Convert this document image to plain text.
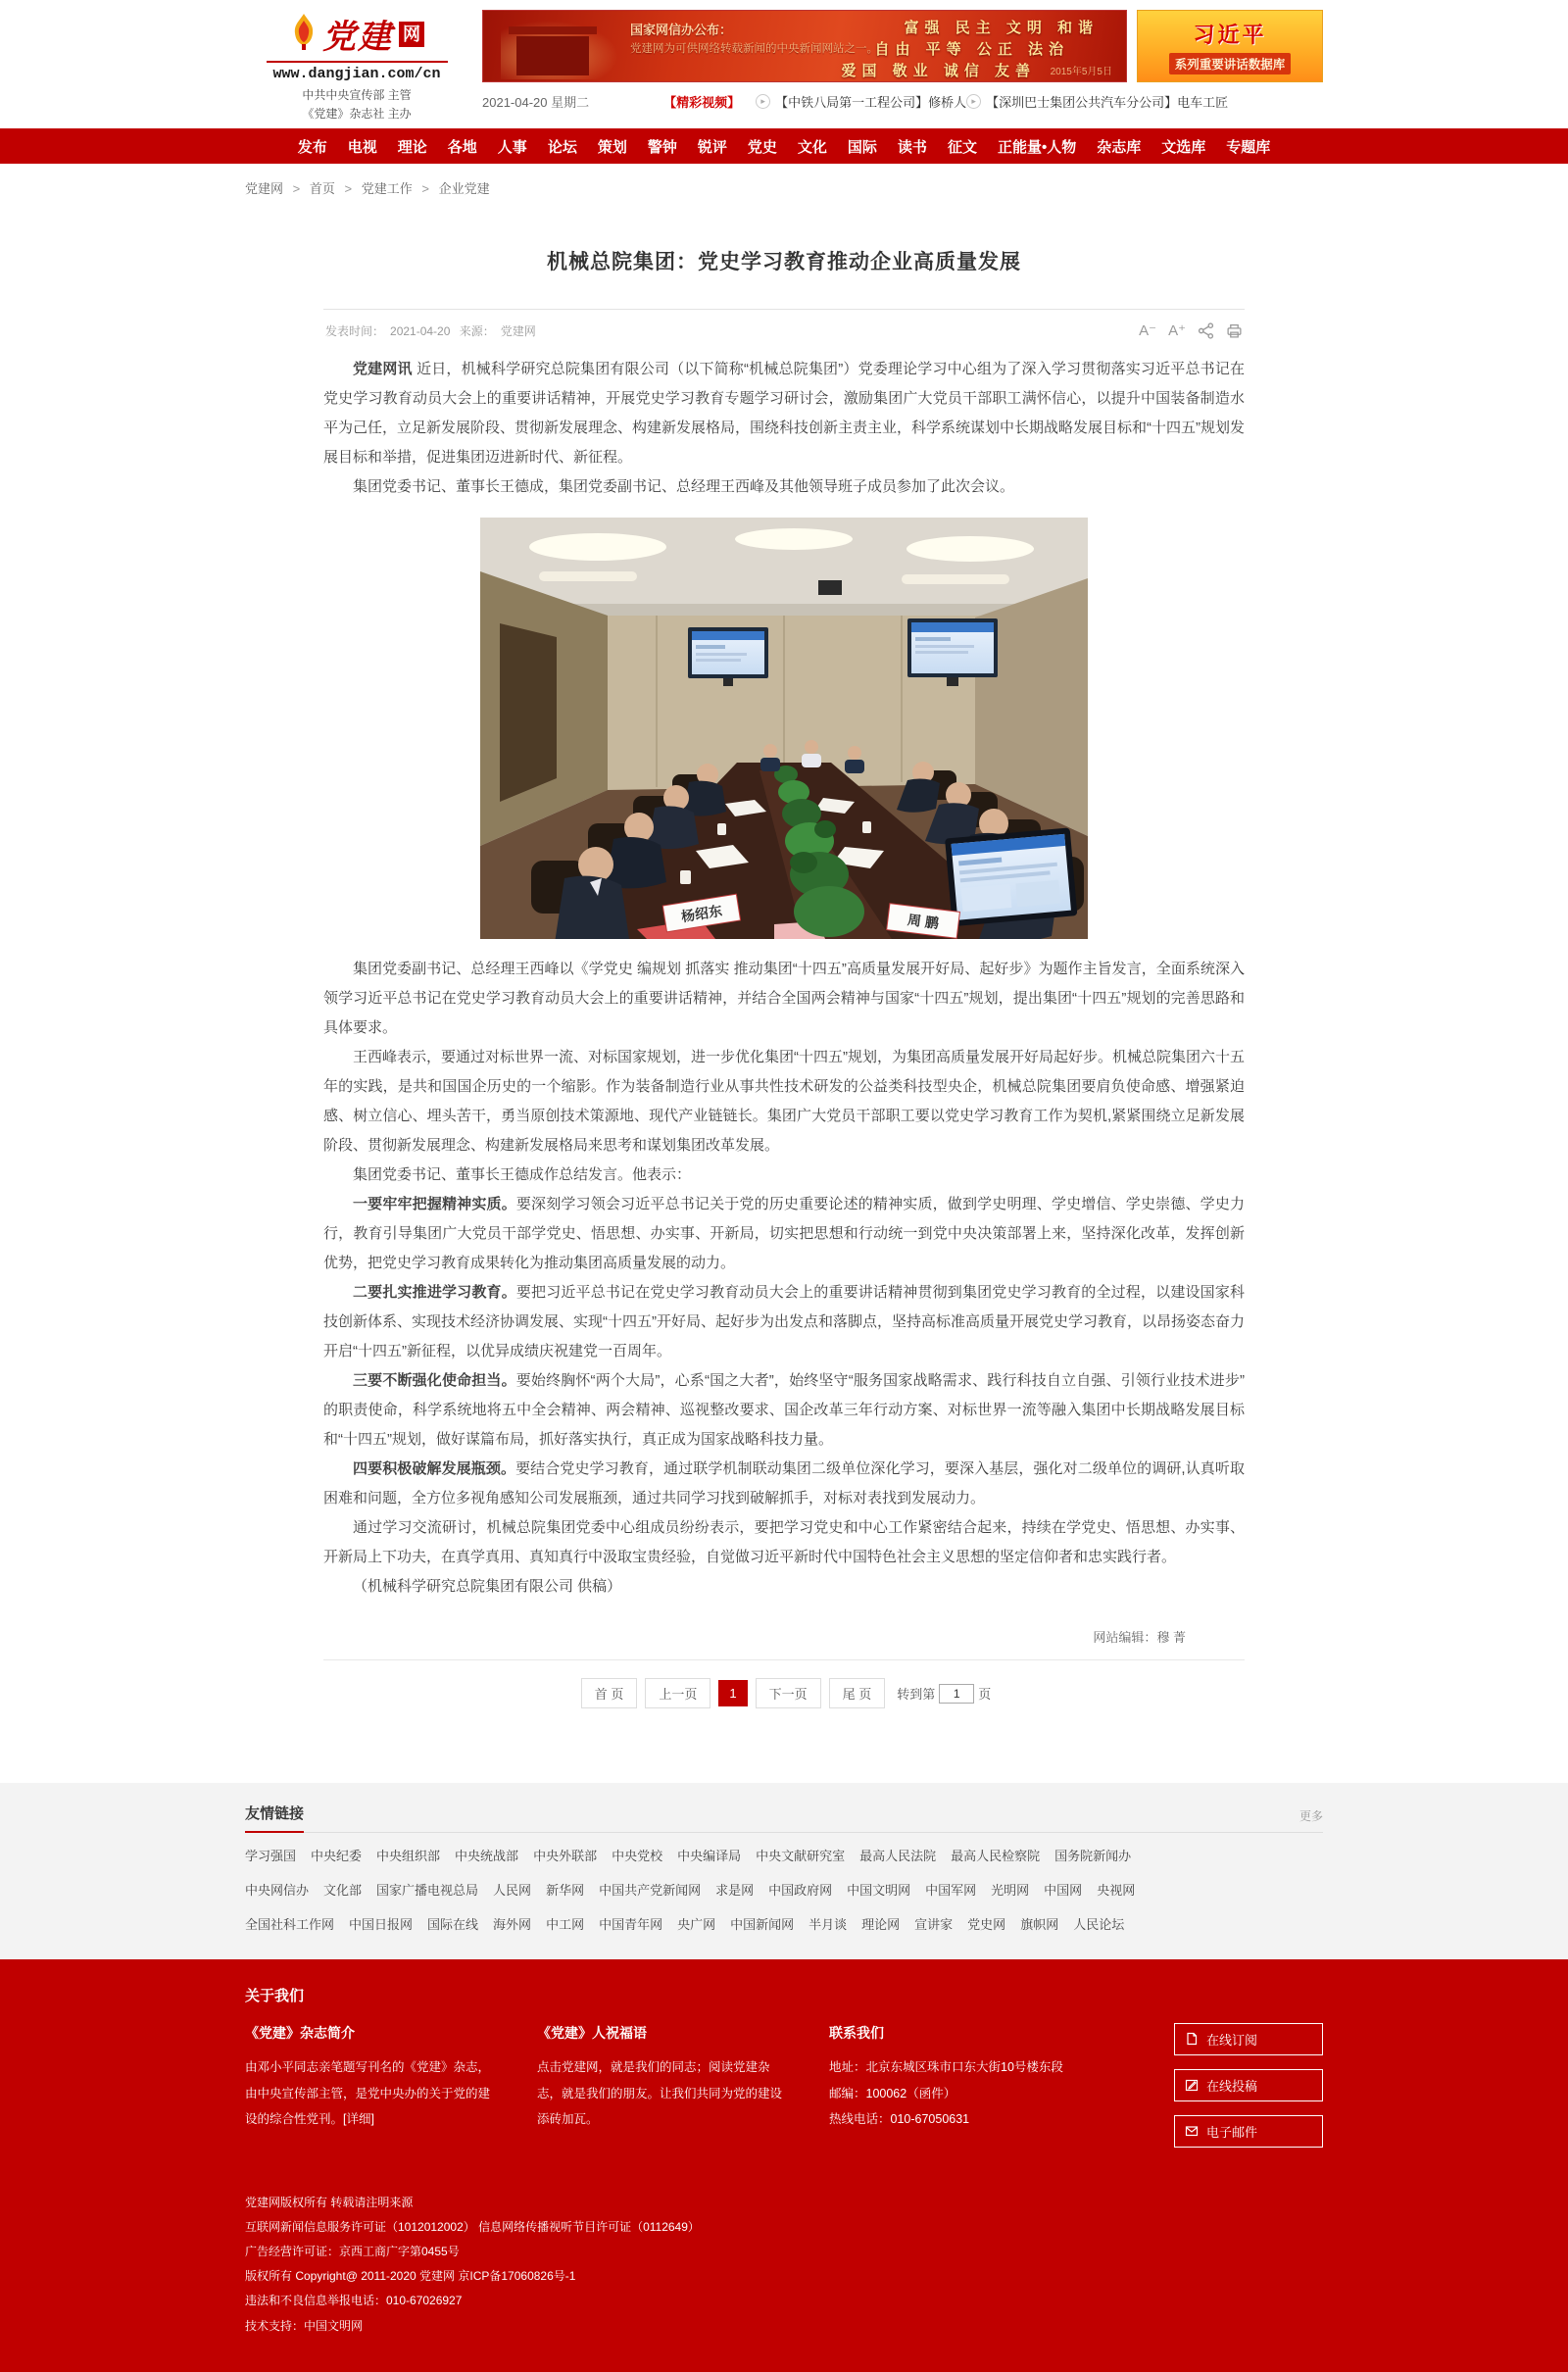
党建 网
www.dangjian.com/cn
中共中央宣传部 主管
《党建》杂志社 主办
国家网信办公布：
党建网为可供网络转载新闻的中央新闻网站之一。
富强 民主 文明 和谐
自由 平等 公正 法治
爱国 敬业 诚信 友善 2015年5月5日
习近平
系列重要讲话数据库
2021-04-20 星期二	【精彩视频】	▸ 【中铁八局第一工程公司】修桥人 ▸ 【深圳巴士集团公共汽车分公司】电车工匠
发布 电视 理论 各地 人事 论坛 策划 警钟 锐评 党史 文化 国际 读书 征文 正能量•人物 杂志库 文选库 专题库
党建网 > 首页 > 党建工作 > 企业党建
机械总院集团：党史学习教育推动企业高质量发展
发表时间： 2021-04-20 来源： 党建网	A⁻ A⁺

党建网讯 近日，机械科学研究总院集团有限公司（以下简称“机械总院集团”）党委理论学习中心组为了深入学习贯彻落实习近平总书记在党史学习教育动员大会上的重要讲话精神，开展党史学习教育专题学习研讨会，激励集团广大党员干部职工满怀信心，以提升中国装备制造水平为己任，立足新发展阶段、贯彻新发展理念、构建新发展格局，围绕科技创新主责主业，科学系统谋划中长期战略发展目标和“十四五”规划发展目标和举措，促进集团迈进新时代、新征程。

集团党委书记、董事长王德成，集团党委副书记、总经理王西峰及其他领导班子成员参加了此次会议。

杨绍东	周 鹏

集团党委副书记、总经理王西峰以《学党史 编规划 抓落实 推动集团“十四五”高质量发展开好局、起好步》为题作主旨发言，全面系统深入领学习近平总书记在党史学习教育动员大会上的重要讲话精神，并结合全国两会精神与国家“十四五”规划，提出集团“十四五”规划的完善思路和具体要求。

王西峰表示，要通过对标世界一流、对标国家规划，进一步优化集团“十四五”规划，为集团高质量发展开好局起好步。机械总院集团六十五年的实践，是共和国国企历史的一个缩影。作为装备制造行业从事共性技术研发的公益类科技型央企，机械总院集团要肩负使命感、增强紧迫感、树立信心、埋头苦干，勇当原创技术策源地、现代产业链链长。集团广大党员干部职工要以党史学习教育工作为契机,紧紧围绕立足新发展阶段、贯彻新发展理念、构建新发展格局来思考和谋划集团改革发展。

集团党委书记、董事长王德成作总结发言。他表示：

一要牢牢把握精神实质。要深刻学习领会习近平总书记关于党的历史重要论述的精神实质，做到学史明理、学史增信、学史崇德、学史力行，教育引导集团广大党员干部学党史、悟思想、办实事、开新局，切实把思想和行动统一到党中央决策部署上来，坚持深化改革，发挥创新优势，把党史学习教育成果转化为推动集团高质量发展的动力。

二要扎实推进学习教育。要把习近平总书记在党史学习教育动员大会上的重要讲话精神贯彻到集团党史学习教育的全过程，以建设国家科技创新体系、实现技术经济协调发展、实现“十四五”开好局、起好步为出发点和落脚点，坚持高标准高质量开展党史学习教育，以昂扬姿态奋力开启“十四五”新征程，以优异成绩庆祝建党一百周年。

三要不断强化使命担当。要始终胸怀“两个大局”，心系“国之大者”，始终坚守“服务国家战略需求、践行科技自立自强、引领行业技术进步”的职责使命，科学系统地将五中全会精神、两会精神、巡视整改要求、国企改革三年行动方案、对标世界一流等融入集团中长期战略发展目标和“十四五”规划，做好谋篇布局，抓好落实执行，真正成为国家战略科技力量。

四要积极破解发展瓶颈。要结合党史学习教育，通过联学机制联动集团二级单位深化学习，要深入基层，强化对二级单位的调研,认真听取困难和问题，全方位多视角感知公司发展瓶颈，通过共同学习找到破解抓手，对标对表找到发展动力。

通过学习交流研讨，机械总院集团党委中心组成员纷纷表示，要把学习党史和中心工作紧密结合起来，持续在学党史、悟思想、办实事、开新局上下功夫，在真学真用、真知真行中汲取宝贵经验，自觉做习近平新时代中国特色社会主义思想的坚定信仰者和忠实践行者。

（机械科学研究总院集团有限公司 供稿）

网站编辑：穆 菁
首 页	上一页	1	下一页	尾 页	转到第
1	页
友情链接	更多
学习强国 中央纪委 中央组织部 中央统战部 中央外联部 中央党校 中央编译局 中央文献研究室 最高人民法院 最高人民检察院 国务院新闻办
中央网信办 文化部 国家广播电视总局 人民网 新华网 中国共产党新闻网 求是网 中国政府网 中国文明网 中国军网 光明网 中国网 央视网
全国社科工作网 中国日报网 国际在线 海外网 中工网 中国青年网 央广网 中国新闻网 半月谈 理论网 宣讲家 党史网 旗帜网 人民论坛
关于我们
《党建》杂志简介
由邓小平同志亲笔题写刊名的《党建》杂志，由中央宣传部主管，是党中央办的关于党的建设的综合性党刊。[详细]
《党建》人祝福语
点击党建网，就是我们的同志；阅读党建杂志，就是我们的朋友。让我们共同为党的建设添砖加瓦。
联系我们
地址：北京东城区珠市口东大街10号楼东段
邮编：100062（函件）
热线电话：010-67050631
在线订阅
在线投稿
电子邮件
党建网版权所有 转载请注明来源
互联网新闻信息服务许可证（1012012002） 信息网络传播视听节目许可证（0112649）
广告经营许可证：京西工商广字第0455号
版权所有 Copyright@ 2011-2020 党建网 京ICP备17060826号-1
违法和不良信息举报电话：010-67026927
技术支持：中国文明网
